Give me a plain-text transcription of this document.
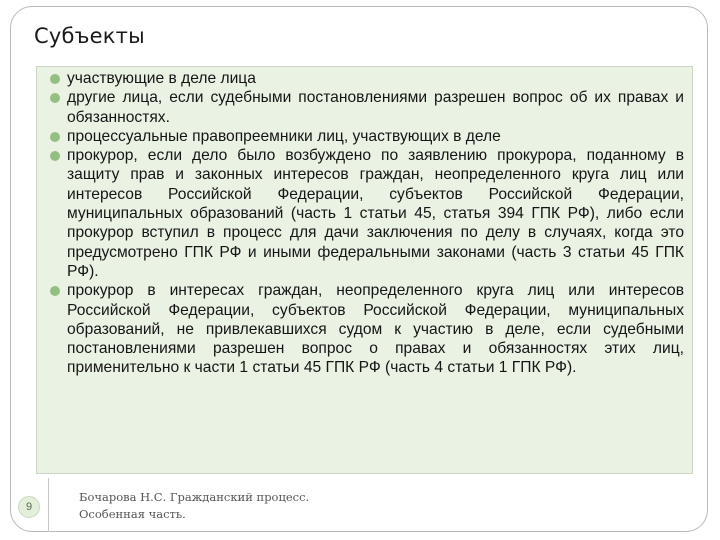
Субъекты
участвующие в деле лица
другие лица, если судебными постановлениями разрешен вопрос об их правах и обязанностях.
процессуальные правопреемники лиц, участвующих в деле
прокурор, если дело было возбуждено по заявлению прокурора, поданному в защиту прав и законных интересов граждан, неопределенного круга лиц или интересов Российской Федерации, субъектов Российской Федерации, муниципальных образований (часть 1 статьи 45, статья 394 ГПК РФ), либо если прокурор вступил в процесс для дачи заключения по делу в случаях, когда это предусмотрено ГПК РФ и иными федеральными законами (часть 3 статьи 45 ГПК РФ).
прокурор в интересах граждан, неопределенного круга лиц или интересов Российской Федерации, субъектов Российской Федерации, муниципальных образований, не привлекавшихся судом к участию в деле, если судебными постановлениями разрешен вопрос о правах и обязанностях этих лиц, применительно к части 1 статьи 45 ГПК РФ (часть 4 статьи 1 ГПК РФ).
9
Бочарова Н.С. Гражданский процесс.
Особенная часть.
